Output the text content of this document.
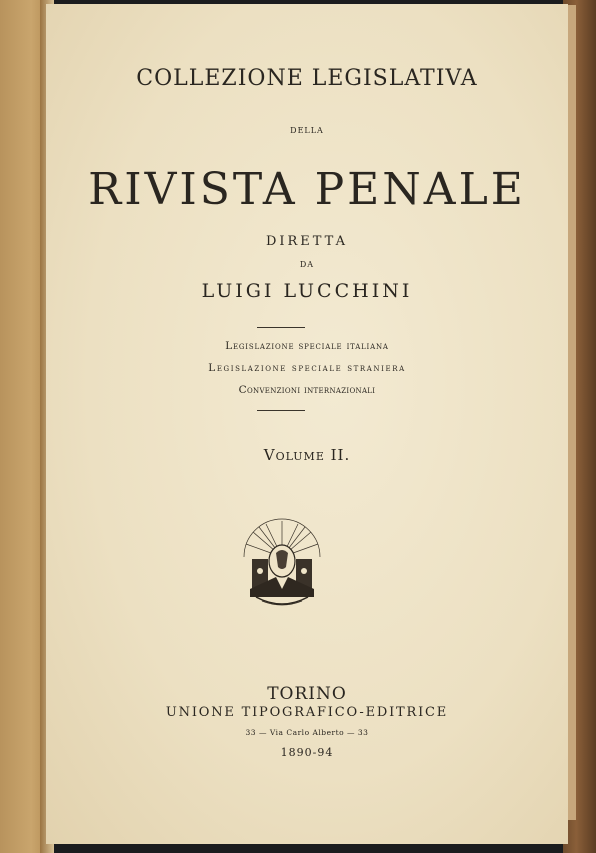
COLLEZIONE LEGISLATIVA
DELLA
RIVISTA PENALE
DIRETTA
DA
LUIGI LUCCHINI
Legislazione speciale italiana
Legislazione speciale straniera
Convenzioni internazionali
Volume II.
TORINO
UNIONE TIPOGRAFICO-EDITRICE
33 — Via Carlo Alberto — 33
1890-94
